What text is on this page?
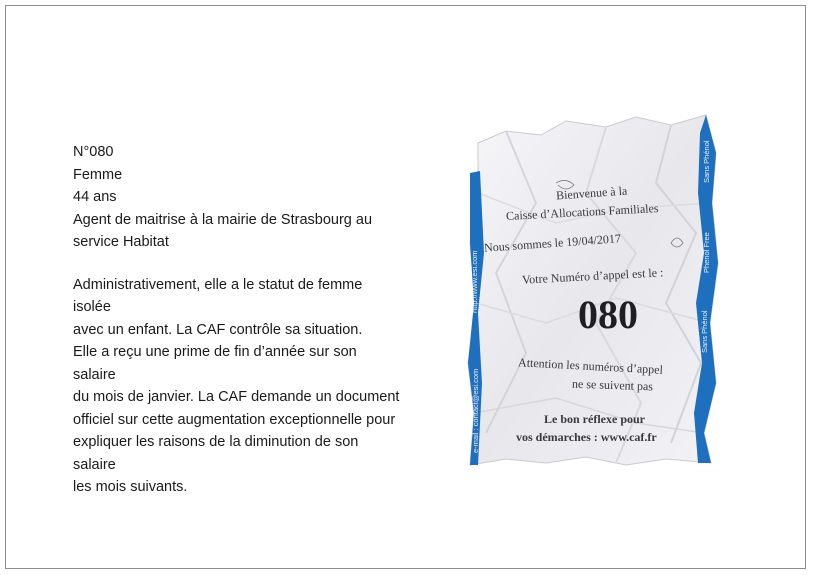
N°080
Femme
44 ans
Agent de maitrise à la mairie de Strasbourg au
service Habitat
Administrativement, elle a le statut de femme isolée
avec un enfant. La CAF contrôle sa situation.
Elle a reçu une prime de fin d’année sur son salaire
du mois de janvier. La CAF demande un document
officiel sur cette augmentation exceptionnelle pour
expliquer les raisons de la diminution de son salaire
les mois suivants.
Bienvenue à la
Caisse d’Allocations Familiales
Nous sommes le 19/04/2017
Votre Numéro d’appel est le :
080
Attention les numéros d’appel
ne se suivent pas
Le bon réflexe pour
vos démarches : www.caf.fr
http://www.esi.com
e-mail : contact@esi.com
Sans Phénol
Phenol Free
Sans Phénol
